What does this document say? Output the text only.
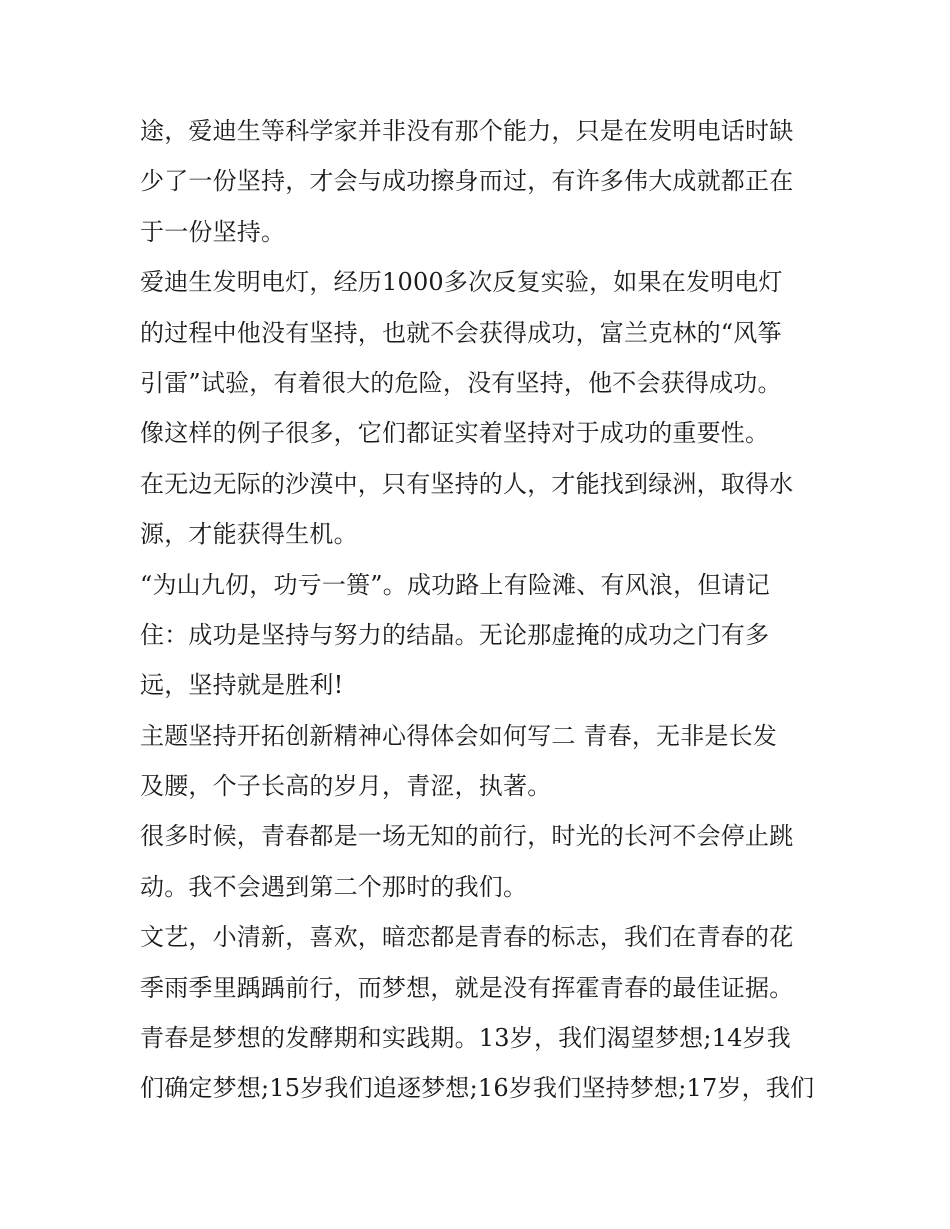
途，爱迪生等科学家并非没有那个能力，只是在发明电话时缺
少了一份坚持，才会与成功擦身而过，有许多伟大成就都正在
于一份坚持。
爱迪生发明电灯，经历1000多次反复实验，如果在发明电灯
的过程中他没有坚持，也就不会获得成功，富兰克林的“风筝
引雷”试验，有着很大的危险，没有坚持，他不会获得成功。
像这样的例子很多，它们都证实着坚持对于成功的重要性。
在无边无际的沙漠中，只有坚持的人，才能找到绿洲，取得水
源，才能获得生机。
“为山九仞，功亏一篑”。成功路上有险滩、有风浪，但请记
住：成功是坚持与努力的结晶。无论那虚掩的成功之门有多
远，坚持就是胜利!
主题坚持开拓创新精神心得体会如何写二 青春，无非是长发
及腰，个子长高的岁月，青涩，执著。
很多时候，青春都是一场无知的前行，时光的长河不会停止跳
动。我不会遇到第二个那时的我们。
文艺，小清新，喜欢，暗恋都是青春的标志，我们在青春的花
季雨季里踽踽前行，而梦想，就是没有挥霍青春的最佳证据。
青春是梦想的发酵期和实践期。13岁，我们渴望梦想;14岁我
们确定梦想;15岁我们追逐梦想;16岁我们坚持梦想;17岁，我们
